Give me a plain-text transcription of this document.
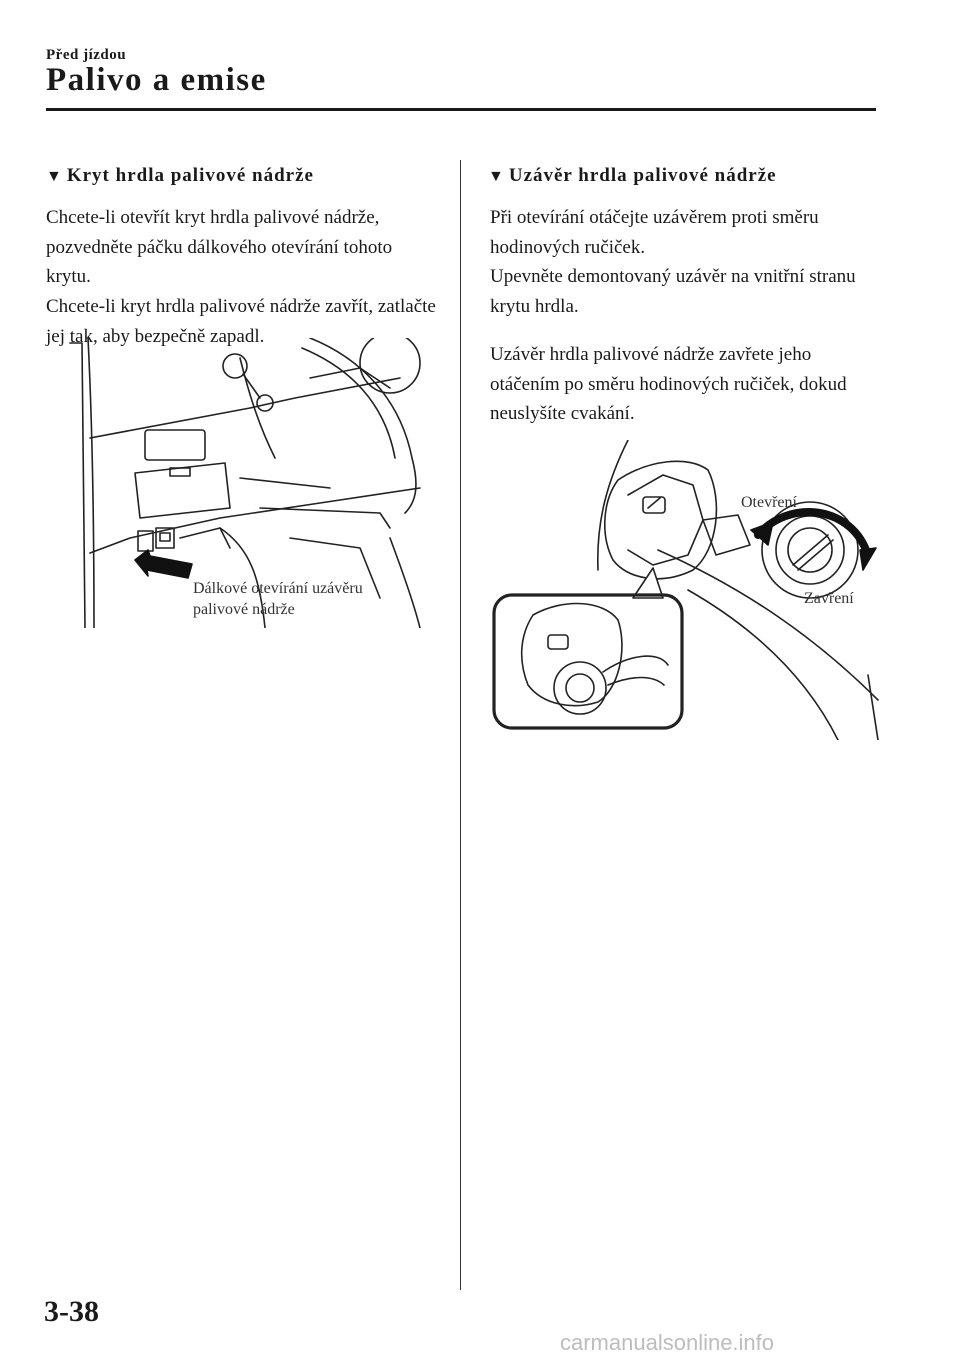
Před jízdou
Palivo a emise
▼ Kryt hrdla palivové nádrže

Chcete-li otevřít kryt hrdla palivové nádrže, pozvedněte páčku dálkového otevírání tohoto krytu.

Chcete-li kryt hrdla palivové nádrže zavřít, zatlačte jej tak, aby bezpečně zapadl.

Dálkové otevírání uzávěru
palivové nádrže
▼ Uzávěr hrdla palivové nádrže

Při otevírání otáčejte uzávěrem proti směru hodinových ručiček.

Upevněte demontovaný uzávěr na vnitřní stranu krytu hrdla.

Uzávěr hrdla palivové nádrže zavřete jeho otáčením po směru hodinových ručiček, dokud neuslyšíte cvakání.

Otevření
Zavření
3-38
carmanualsonline.info
